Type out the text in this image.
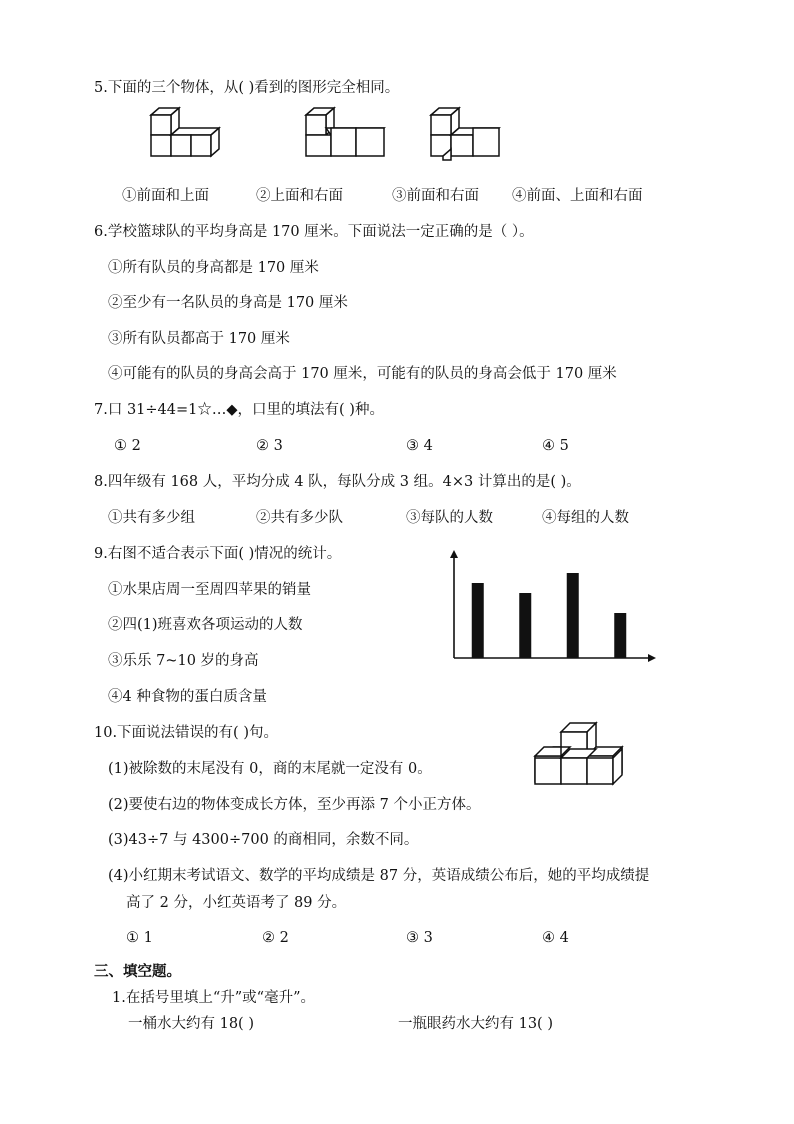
5.下面的三个物体，从( )看到的图形完全相同。
①前面和上面	②上面和右面	③前面和右面 ④前面、上面和右面
6.学校篮球队的平均身高是 170 厘米。下面说法一定正确的是（ ）。
①所有队员的身高都是 170 厘米
②至少有一名队员的身高是 170 厘米
③所有队员都高于 170 厘米
④可能有的队员的身高会高于 170 厘米，可能有的队员的身高会低于 170 厘米
7.口 31÷44=1☆…◆，口里的填法有( )种。
① 2	② 3	③ 4	④ 5
8.四年级有 168 人，平均分成 4 队，每队分成 3 组。4×3 计算出的是( )。
①共有多少组	②共有多少队	③每队的人数	④每组的人数
9.右图不适合表示下面( )情况的统计。
①水果店周一至周四苹果的销量
②四(1)班喜欢各项运动的人数
③乐乐 7~10 岁的身高
④4 种食物的蛋白质含量
10.下面说法错误的有( )句。
(1)被除数的末尾没有 0，商的末尾就一定没有 0。
(2)要使右边的物体变成长方体，至少再添 7 个小正方体。
(3)43÷7 与 4300÷700 的商相同，余数不同。
(4)小红期末考试语文、数学的平均成绩是 87 分，英语成绩公布后，她的平均成绩提
高了 2 分，小红英语考了 89 分。
① 1	② 2	③ 3	④ 4
三、填空题。
1.在括号里填上“升”或“毫升”。
一桶水大约有 18( )	一瓶眼药水大约有 13( )
